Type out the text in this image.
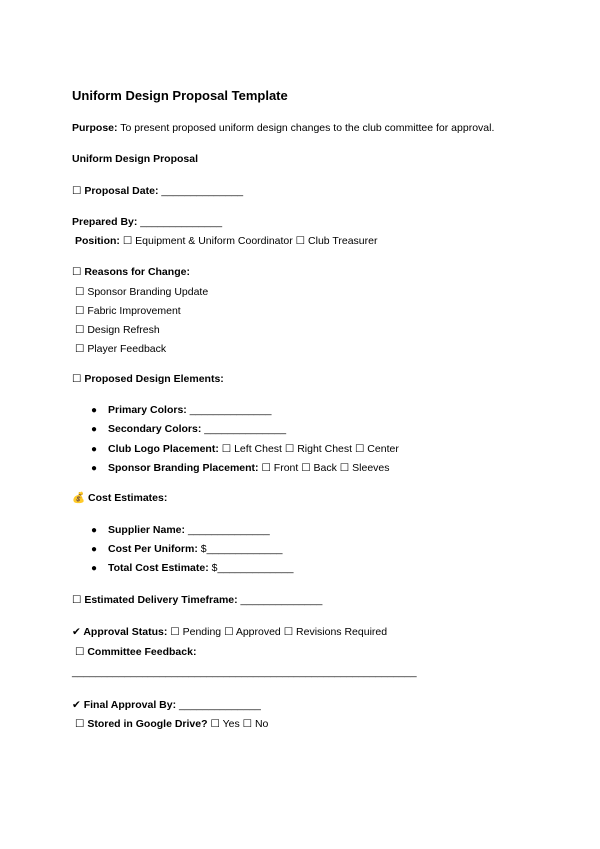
Uniform Design Proposal Template
Purpose: To present proposed uniform design changes to the club committee for approval.
Uniform Design Proposal
☐ Proposal Date: ______________
Prepared By: ______________
Position: ☐ Equipment & Uniform Coordinator ☐ Club Treasurer
☐ Reasons for Change:
☐ Sponsor Branding Update
☐ Fabric Improvement
☐ Design Refresh
☐ Player Feedback
☐ Proposed Design Elements:
● Primary Colors: ______________
● Secondary Colors: ______________
● Club Logo Placement: ☐ Left Chest ☐ Right Chest ☐ Center
● Sponsor Branding Placement: ☐ Front ☐ Back ☐ Sleeves
💰 Cost Estimates:
● Supplier Name: ______________
● Cost Per Uniform: $_____________
● Total Cost Estimate: $_____________
☐ Estimated Delivery Timeframe: ______________
✔ Approval Status: ☐ Pending ☐ Approved ☐ Revisions Required
☐ Committee Feedback:
___________________________________________________________
✔ Final Approval By: ______________
☐ Stored in Google Drive? ☐ Yes ☐ No
